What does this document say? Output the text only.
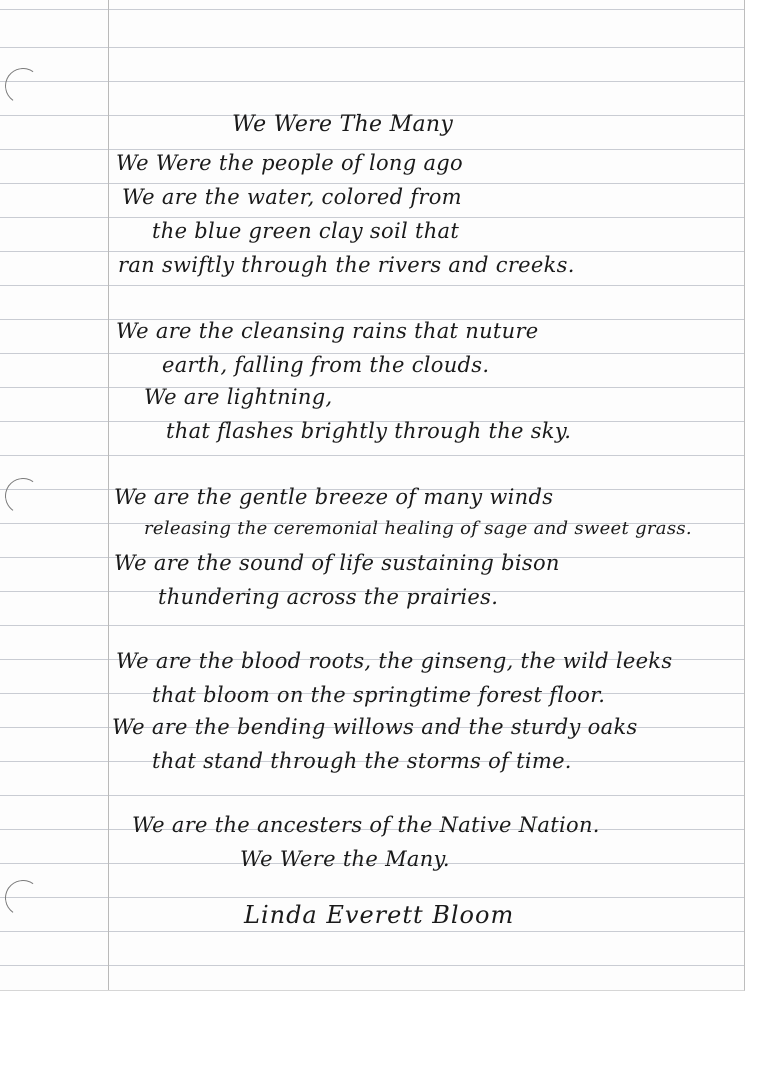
We Were The Many
We Were the people of long ago
We are the water, colored from
the blue green clay soil that
ran swiftly through the rivers and creeks.
We are the cleansing rains that nuture
earth, falling from the clouds.
We are lightning,
that flashes brightly through the sky.
We are the gentle breeze of many winds
releasing the ceremonial healing of sage and sweet grass.
We are the sound of life sustaining bison
thundering across the prairies.
We are the blood roots, the ginseng, the wild leeks
that bloom on the springtime forest floor.
We are the bending willows and the sturdy oaks
that stand through the storms of time.
We are the ancesters of the Native Nation.
We Were the Many.
Linda Everett Bloom
